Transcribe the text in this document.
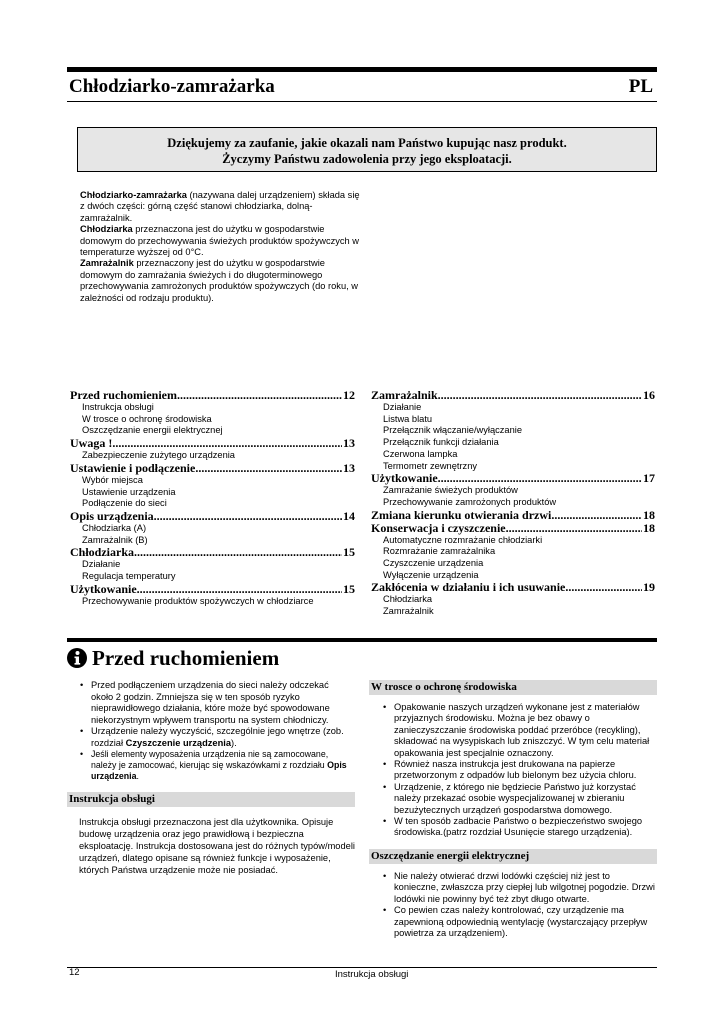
Chłodziarko-zamrażarka	PL
Dziękujemy za zaufanie, jakie okazali nam Państwo kupując nasz produkt.
Życzymy Państwu zadowolenia przy jego eksploatacji.

Chłodziarko-zamrażarka (nazywana dalej urządzeniem) składa się z dwóch części: górną część stanowi chłodziarka, dolną-zamrażalnik.

Chłodziarka przeznaczona jest do użytku w gospodarstwie domowym do przechowywania świeżych produktów spożywczych w temperaturze wyższej od 0°C.

Zamrażalnik przeznaczony jest do użytku w gospodarstwie domowym do zamrażania świeżych i do długoterminowego przechowywania zamrożonych produktów spożywczych (do roku, w zależności od rodzaju produktu).

Przed ruchomieniem .....	12
Instrukcja obsługi
W trosce o ochronę środowiska
Oszczędzanie energii elektrycznej
Uwaga ! .....	13
Zabezpieczenie zużytego urządzenia
Ustawienie i podłączenie .....	13
Wybór miejsca
Ustawienie urządzenia
Podłączenie do sieci
Opis urządzenia .....	14
Chłodziarka (A)
Zamrażalnik (B)
Chłodziarka .....	15
Działanie
Regulacja temperatury
Użytkowanie .....	15
Przechowywanie produktów spożywczych w chłodziarce
Zamrażalnik .....	16
Działanie
Listwa blatu
Przełącznik włączanie/wyłączanie
Przełącznik funkcji działania
Czerwona lampka
Termometr zewnętrzny
Użytkowanie .....	17
Zamrażanie świeżych produktów
Przechowywanie zamrożonych produktów
Zmiana kierunku otwierania drzwi .....	18
Konserwacja i czyszczenie .....	18
Automatyczne rozmrażanie chłodziarki
Rozmrażanie zamrażalnika
Czyszczenie urządzenia
Wyłączenie urządzenia
Zakłócenia w działaniu i ich usuwanie .....	19
Chłodziarka
Zamrażalnik
Przed ruchomieniem
• Przed podłączeniem urządzenia do sieci należy odczekać około 2 godzin. Zmniejsza się w ten sposób ryzyko nieprawidłowego działania, które może być spowodowane niekorzystnym wpływem transportu na system chłodniczy.
• Urządzenie należy wyczyścić, szczególnie jego wnętrze (zob. rozdział Czyszczenie urządzenia).
• Jeśli elementy wyposażenia urządzenia nie są zamocowane, należy je zamocować, kierując się wskazówkami z rozdziału Opis urządzenia.
Instrukcja obsługi
Instrukcja obsługi przeznaczona jest dla użytkownika. Opisuje budowę urządzenia oraz jego prawidłową i bezpieczna eksploatację. Instrukcja dostosowana jest do różnych typów/modeli urządzeń, dlatego opisane są również funkcje i wyposażenie, których Państwa urządzenie może nie posiadać.
W trosce o ochronę środowiska
• Opakowanie naszych urządzeń wykonane jest z materiałów przyjaznych środowisku. Można je bez obawy o zanieczyszczanie środowiska poddać przeróbce (recykling), składować na wysypiskach lub zniszczyć. W tym celu materiał opakowania jest specjalnie oznaczony.
• Również nasza instrukcja jest drukowana na papierze przetworzonym z odpadów lub bielonym bez użycia chloru.
• Urządzenie, z którego nie będziecie Państwo już korzystać należy przekazać osobie wyspecjalizowanej w zbieraniu bezużytecznych urządzeń gospodarstwa domowego.
• W ten sposób zadbacie Państwo o bezpieczeństwo swojego środowiska.(patrz rozdział Usunięcie starego urządzenia).
Oszczędzanie energii elektrycznej
• Nie należy otwierać drzwi lodówki częściej niż jest to konieczne, zwłaszcza przy ciepłej lub wilgotnej pogodzie. Drzwi lodówki nie powinny być też zbyt długo otwarte.
• Co pewien czas należy kontrolować, czy urządzenie ma zapewnioną odpowiednią wentylację (wystarczający przepływ powietrza za urządzeniem).
12	Instrukcja obsługi
